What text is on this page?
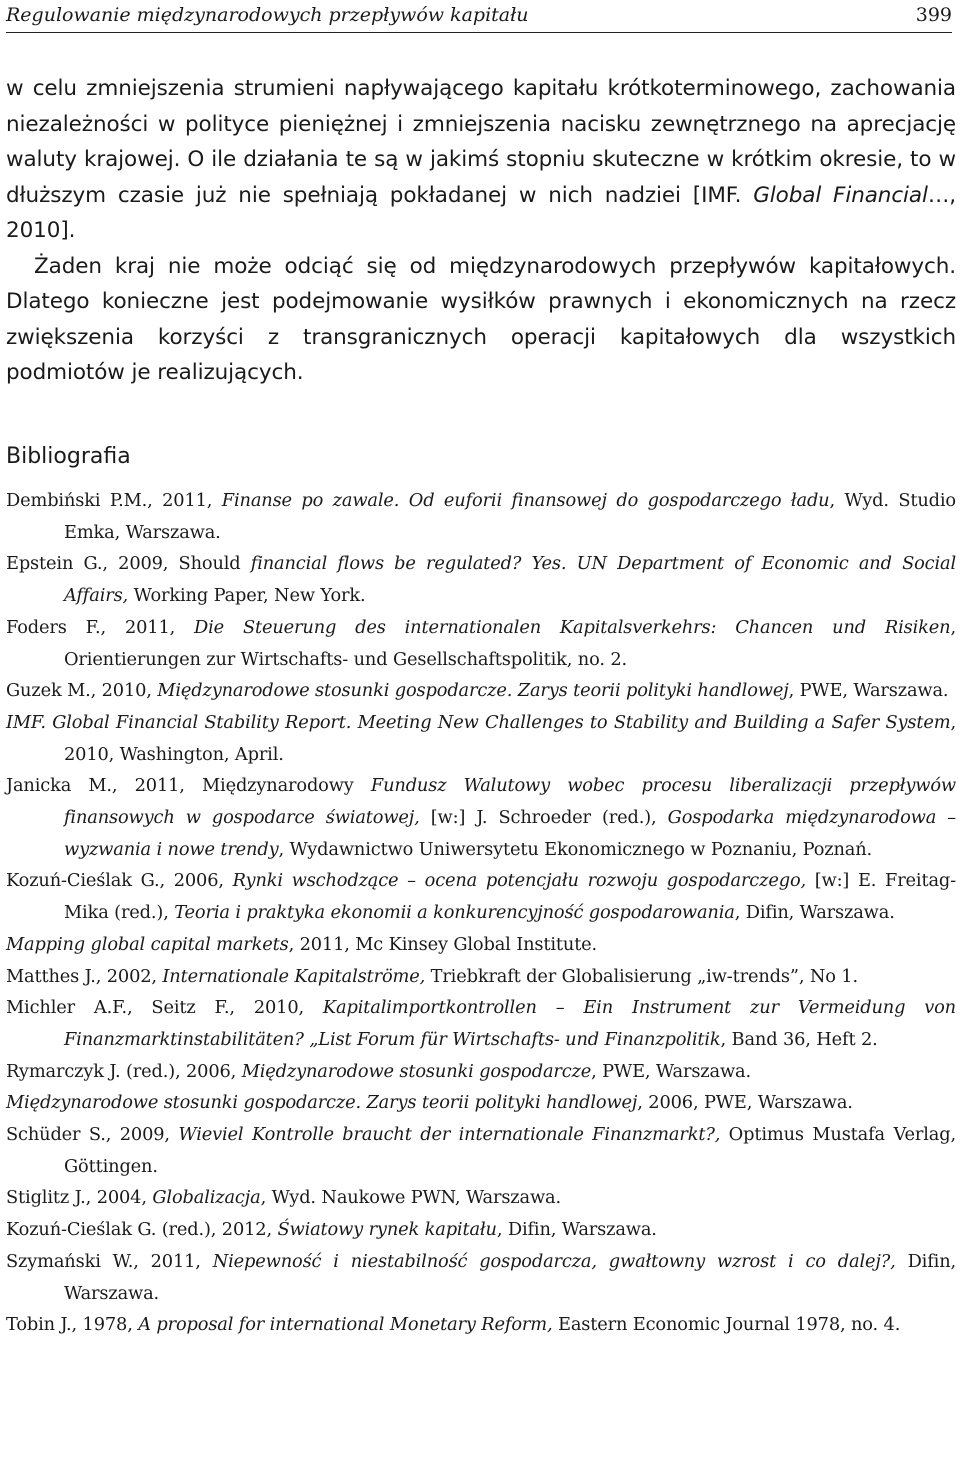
Regulowanie międzynarodowych przepływów kapitału	399

w celu zmniejszenia strumieni napływającego kapitału krótkoterminowego, zachowania niezależności w polityce pieniężnej i zmniejszenia nacisku zewnętrznego na aprecjację waluty krajowej. O ile działania te są w jakimś stopniu skuteczne w krótkim okresie, to w dłuższym czasie już nie spełniają pokładanej w nich nadziei [IMF. Global Financial…, 2010].

Żaden kraj nie może odciąć się od międzynarodowych przepływów kapitałowych. Dlatego konieczne jest podejmowanie wysiłków prawnych i ekonomicznych na rzecz zwiększenia korzyści z transgranicznych operacji kapitałowych dla wszystkich podmiotów je realizujących.

Bibliografia

Dembiński P.M., 2011, Finanse po zawale. Od euforii finansowej do gospodarczego ładu, Wyd. Studio Emka, Warszawa.

Epstein G., 2009, Should financial flows be regulated? Yes. UN Department of Economic and Social Affairs, Working Paper, New York.

Foders F., 2011, Die Steuerung des internationalen Kapitalsverkehrs: Chancen und Risiken, Orientierungen zur Wirtschafts- und Gesellschaftspolitik, no. 2.

Guzek M., 2010, Międzynarodowe stosunki gospodarcze. Zarys teorii polityki handlowej, PWE, Warszawa.

IMF. Global Financial Stability Report. Meeting New Challenges to Stability and Building a Safer System, 2010, Washington, April.

Janicka M., 2011, Międzynarodowy Fundusz Walutowy wobec procesu liberalizacji przepływów finansowych w gospodarce światowej, [w:] J. Schroeder (red.), Gospodarka międzynarodowa – wyzwania i nowe trendy, Wydawnictwo Uniwersytetu Ekonomicznego w Poznaniu, Poznań.

Kozuń-Cieślak G., 2006, Rynki wschodzące – ocena potencjału rozwoju gospodarczego, [w:] E. Freitag-Mika (red.), Teoria i praktyka ekonomii a konkurencyjność gospodarowania, Difin, Warszawa.

Mapping global capital markets, 2011, Mc Kinsey Global Institute.

Matthes J., 2002, Internationale Kapitalströme, Triebkraft der Globalisierung „iw-trends”, No 1.

Michler A.F., Seitz F., 2010, Kapitalimportkontrollen – Ein Instrument zur Vermeidung von Finanzmarktinstabilitäten? „List Forum für Wirtschafts- und Finanzpolitik, Band 36, Heft 2.

Rymarczyk J. (red.), 2006, Międzynarodowe stosunki gospodarcze, PWE, Warszawa.

Międzynarodowe stosunki gospodarcze. Zarys teorii polityki handlowej, 2006, PWE, Warszawa.

Schüder S., 2009, Wieviel Kontrolle braucht der internationale Finanzmarkt?, Optimus Mustafa Verlag, Göttingen.

Stiglitz J., 2004, Globalizacja, Wyd. Naukowe PWN, Warszawa.

Kozuń-Cieślak G. (red.), 2012, Światowy rynek kapitału, Difin, Warszawa.

Szymański W., 2011, Niepewność i niestabilność gospodarcza, gwałtowny wzrost i co dalej?, Difin, Warszawa.

Tobin J., 1978, A proposal for international Monetary Reform, Eastern Economic Journal 1978, no. 4.
